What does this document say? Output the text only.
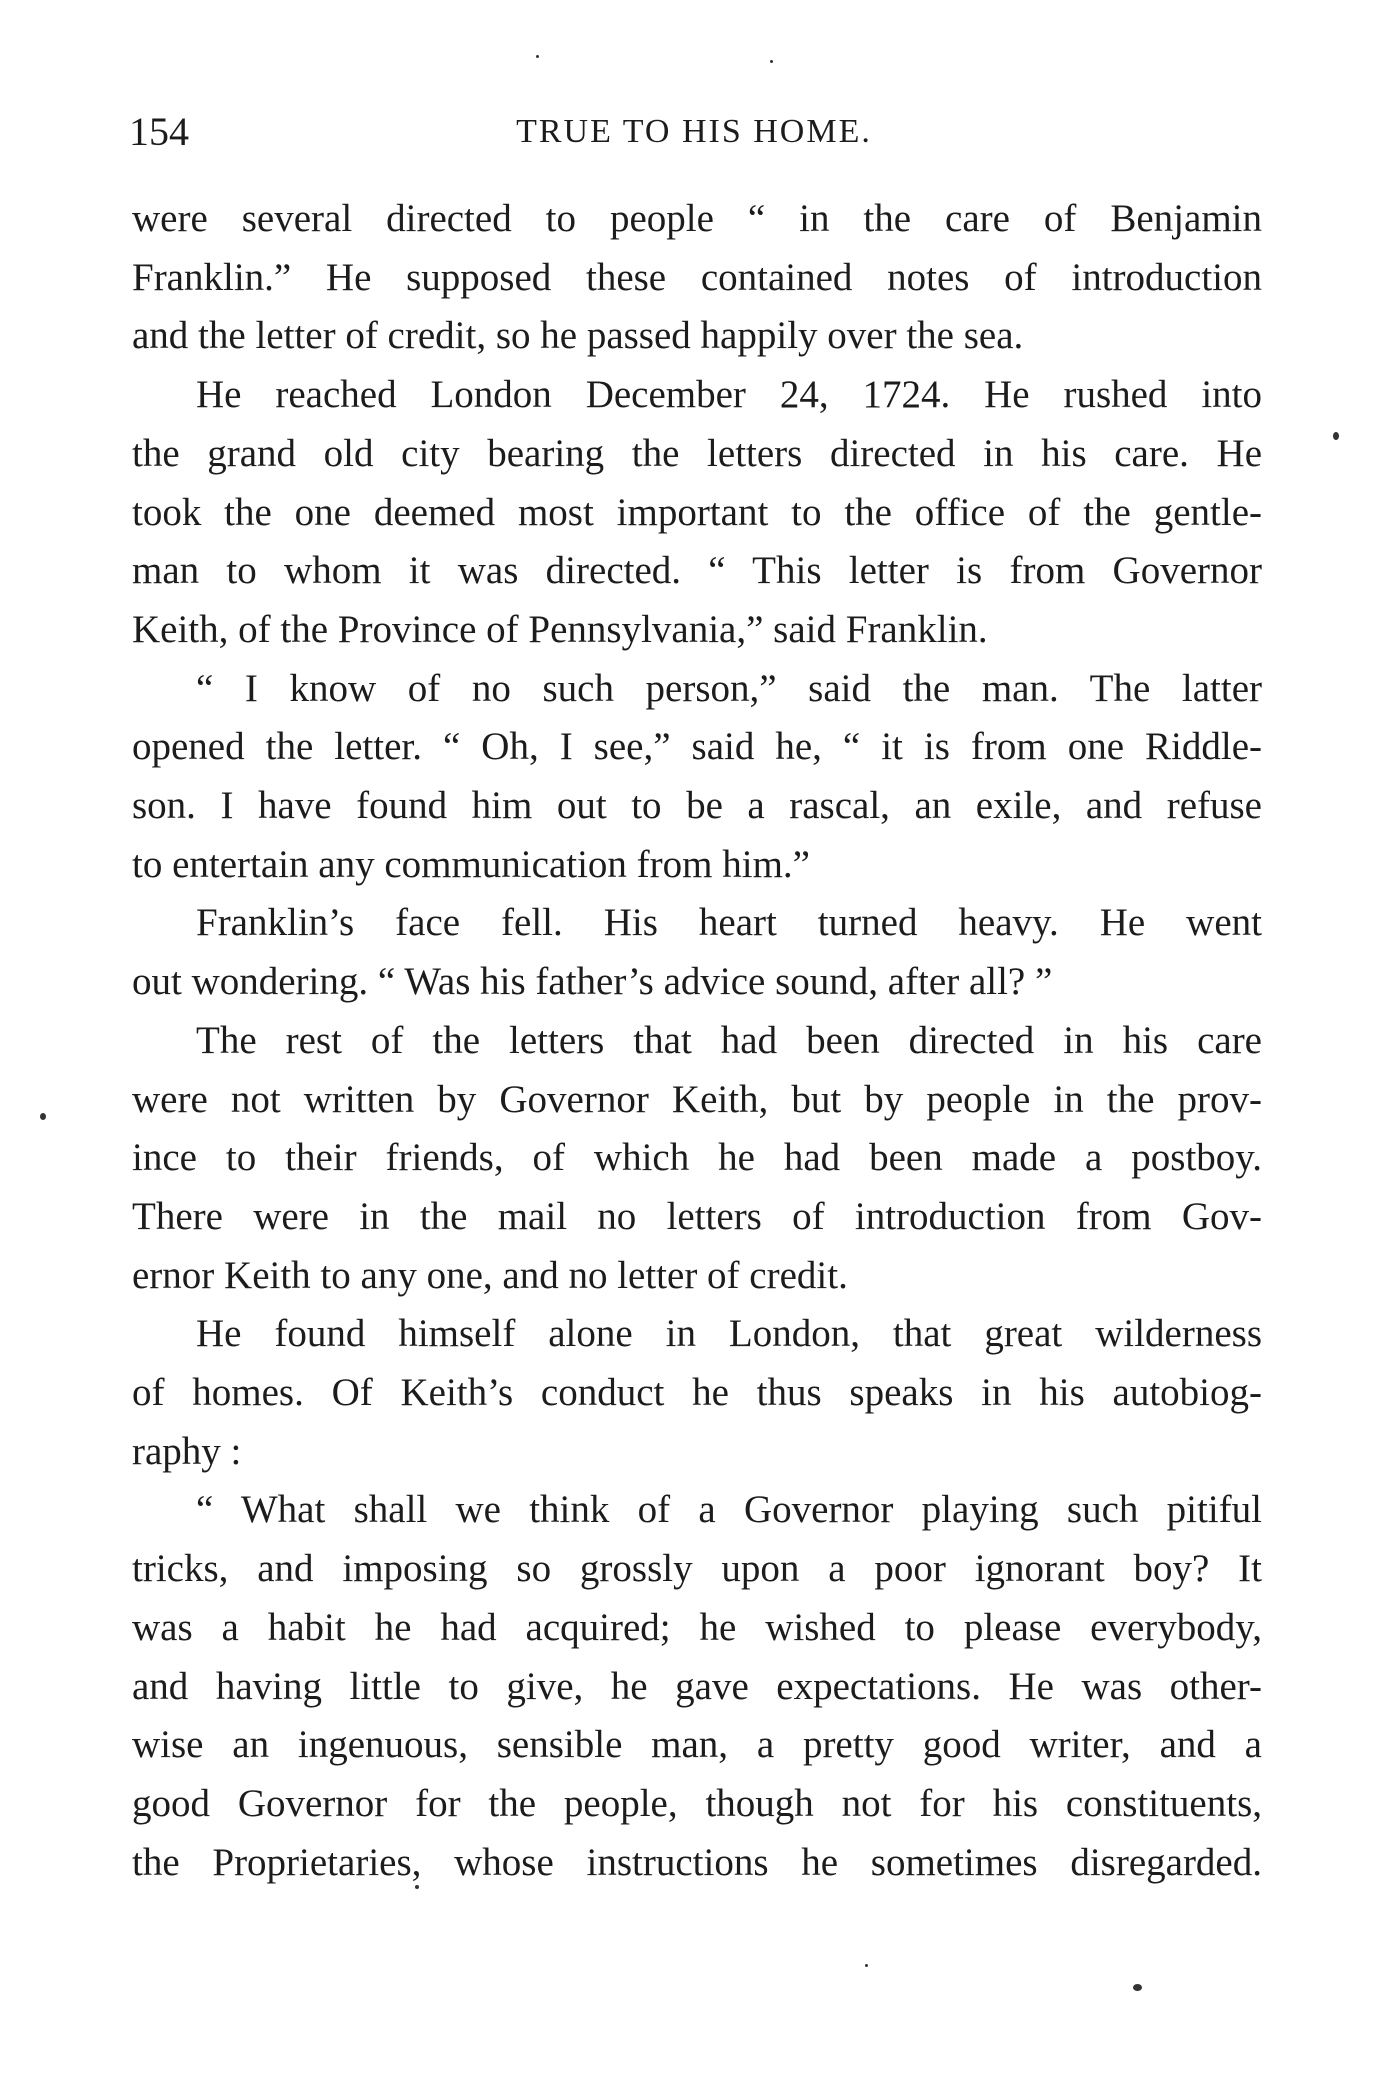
154	TRUE TO HIS HOME.

were several directed to people “ in the care of Benjamin
Franklin.” He supposed these contained notes of introduction
and the letter of credit, so he passed happily over the sea.

He reached London December 24, 1724. He rushed into
the grand old city bearing the letters directed in his care. He
took the one deemed most important to the office of the gentle-
man to whom it was directed. “ This letter is from Governor
Keith, of the Province of Pennsylvania,” said Franklin.

“ I know of no such person,” said the man. The latter
opened the letter. “ Oh, I see,” said he, “ it is from one Riddle-
son. I have found him out to be a rascal, an exile, and refuse
to entertain any communication from him.”

Franklin’s face fell. His heart turned heavy. He went
out wondering. “ Was his father’s advice sound, after all? ”

The rest of the letters that had been directed in his care
were not written by Governor Keith, but by people in the prov-
ince to their friends, of which he had been made a postboy.
There were in the mail no letters of introduction from Gov-
ernor Keith to any one, and no letter of credit.

He found himself alone in London, that great wilderness
of homes. Of Keith’s conduct he thus speaks in his autobiog-
raphy :

“ What shall we think of a Governor playing such pitiful
tricks, and imposing so grossly upon a poor ignorant boy? It
was a habit he had acquired; he wished to please everybody,
and having little to give, he gave expectations. He was other-
wise an ingenuous, sensible man, a pretty good writer, and a
good Governor for the people, though not for his constituents,
the Proprietaries, whose instructions he sometimes disregarded.
